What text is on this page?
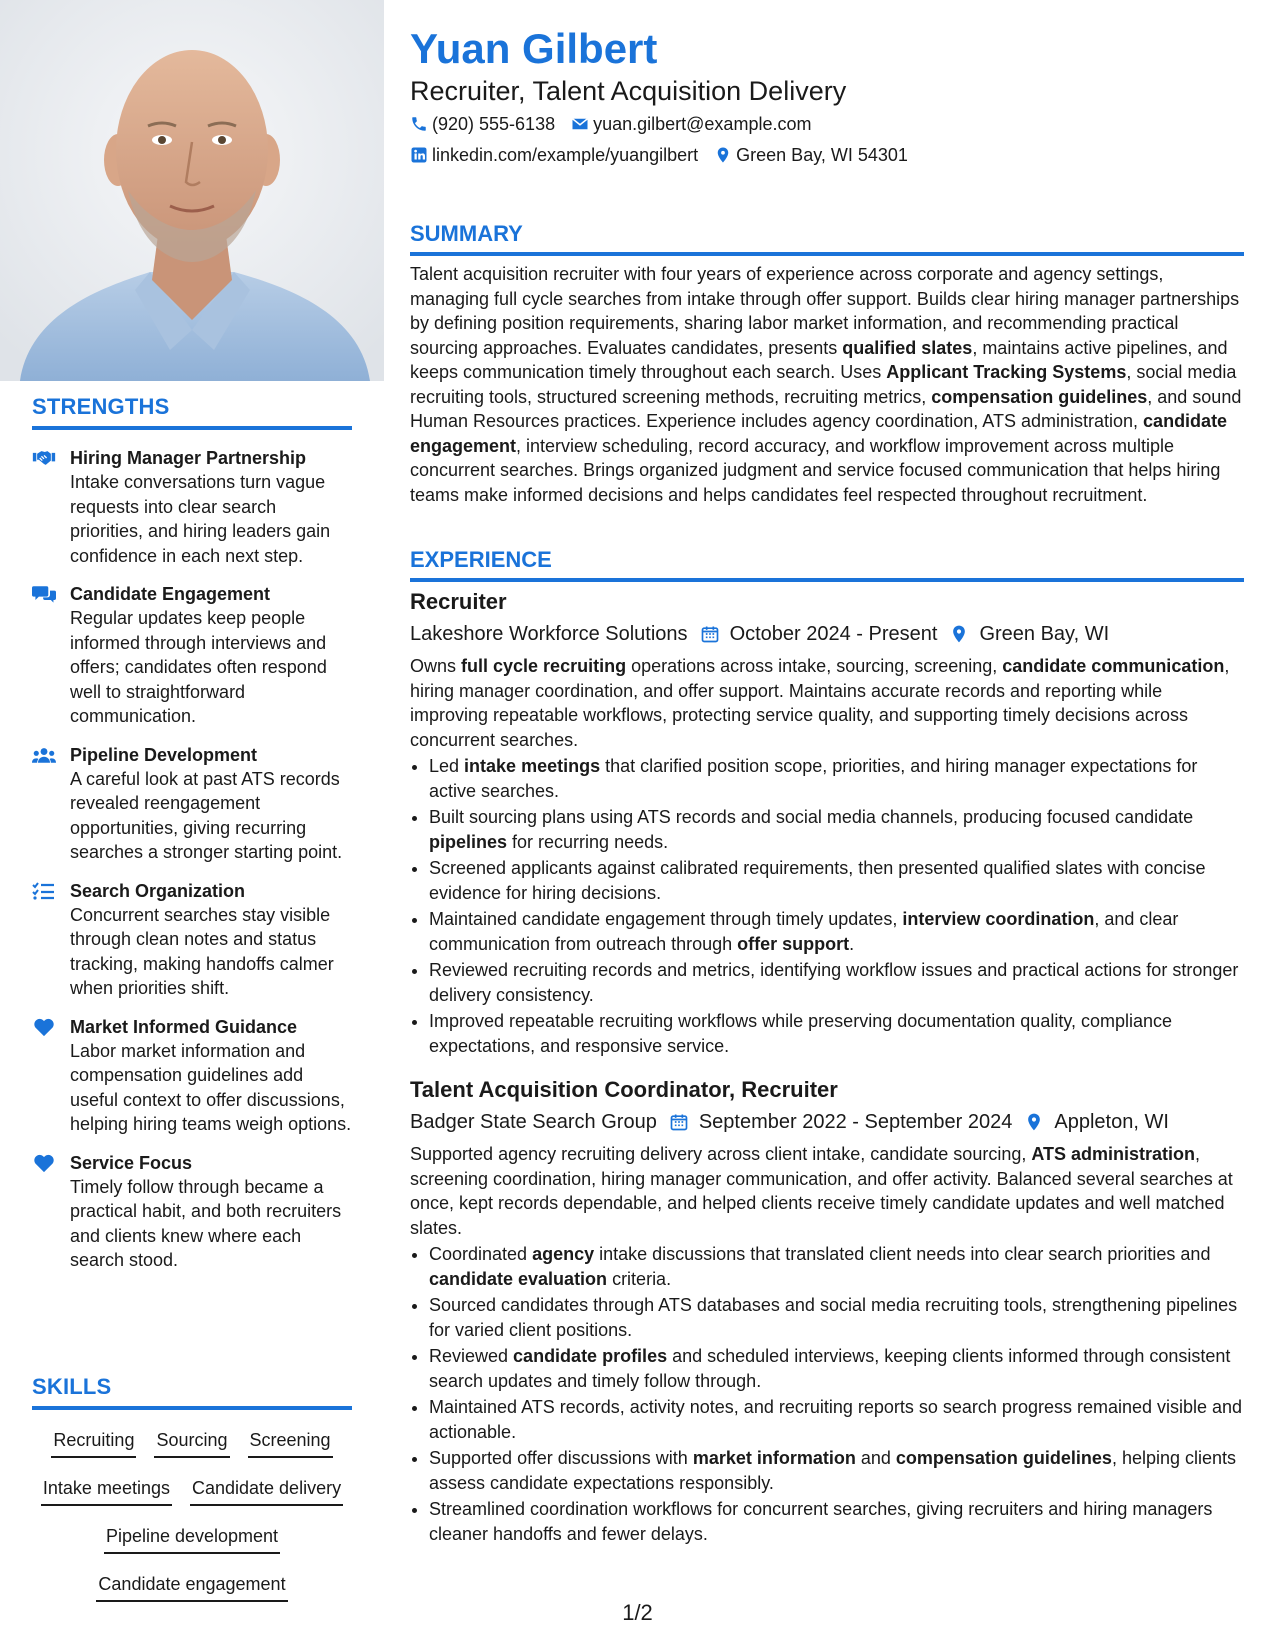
STRENGTHS
Hiring Manager Partnership
Intake conversations turn vague requests into clear search priorities, and hiring leaders gain confidence in each next step.
Candidate Engagement
Regular updates keep people informed through interviews and offers; candidates often respond well to straightforward communication.
Pipeline Development
A careful look at past ATS records revealed reengagement opportunities, giving recurring searches a stronger starting point.
Search Organization
Concurrent searches stay visible through clean notes and status tracking, making handoffs calmer when priorities shift.
Market Informed Guidance
Labor market information and compensation guidelines add useful context to offer discussions, helping hiring teams weigh options.
Service Focus
Timely follow through became a practical habit, and both recruiters and clients knew where each search stood.
SKILLS
Recruiting Sourcing Screening
Intake meetings Candidate delivery
Pipeline development
Candidate engagement
Yuan Gilbert
Recruiter, Talent Acquisition Delivery
(920) 555-6138 yuan.gilbert@example.com
linkedin.com/example/yuangilbert Green Bay, WI 54301
SUMMARY

Talent acquisition recruiter with four years of experience across corporate and agency settings, managing full cycle searches from intake through offer support. Builds clear hiring manager partnerships by defining position requirements, sharing labor market information, and recommending practical sourcing approaches. Evaluates candidates, presents qualified slates, maintains active pipelines, and keeps communication timely throughout each search. Uses Applicant Tracking Systems, social media recruiting tools, structured screening methods, recruiting metrics, compensation guidelines, and sound Human Resources practices. Experience includes agency coordination, ATS administration, candidate engagement, interview scheduling, record accuracy, and workflow improvement across multiple concurrent searches. Brings organized judgment and service focused communication that helps hiring teams make informed decisions and helps candidates feel respected throughout recruitment.

EXPERIENCE
Recruiter
Lakeshore Workforce Solutions October 2024 - Present Green Bay, WI

Owns full cycle recruiting operations across intake, sourcing, screening, candidate communication, hiring manager coordination, and offer support. Maintains accurate records and reporting while improving repeatable workflows, protecting service quality, and supporting timely decisions across concurrent searches.

• Led intake meetings that clarified position scope, priorities, and hiring manager expectations for active searches.
• Built sourcing plans using ATS records and social media channels, producing focused candidate pipelines for recurring needs.
• Screened applicants against calibrated requirements, then presented qualified slates with concise evidence for hiring decisions.
• Maintained candidate engagement through timely updates, interview coordination, and clear communication from outreach through offer support.
• Reviewed recruiting records and metrics, identifying workflow issues and practical actions for stronger delivery consistency.
• Improved repeatable recruiting workflows while preserving documentation quality, compliance expectations, and responsive service.
Talent Acquisition Coordinator, Recruiter
Badger State Search Group September 2022 - September 2024 Appleton, WI

Supported agency recruiting delivery across client intake, candidate sourcing, ATS administration, screening coordination, hiring manager communication, and offer activity. Balanced several searches at once, kept records dependable, and helped clients receive timely candidate updates and well matched slates.

• Coordinated agency intake discussions that translated client needs into clear search priorities and candidate evaluation criteria.
• Sourced candidates through ATS databases and social media recruiting tools, strengthening pipelines for varied client positions.
• Reviewed candidate profiles and scheduled interviews, keeping clients informed through consistent search updates and timely follow through.
• Maintained ATS records, activity notes, and recruiting reports so search progress remained visible and actionable.
• Supported offer discussions with market information and compensation guidelines, helping clients assess candidate expectations responsibly.
• Streamlined coordination workflows for concurrent searches, giving recruiters and hiring managers cleaner handoffs and fewer delays.
1/2
